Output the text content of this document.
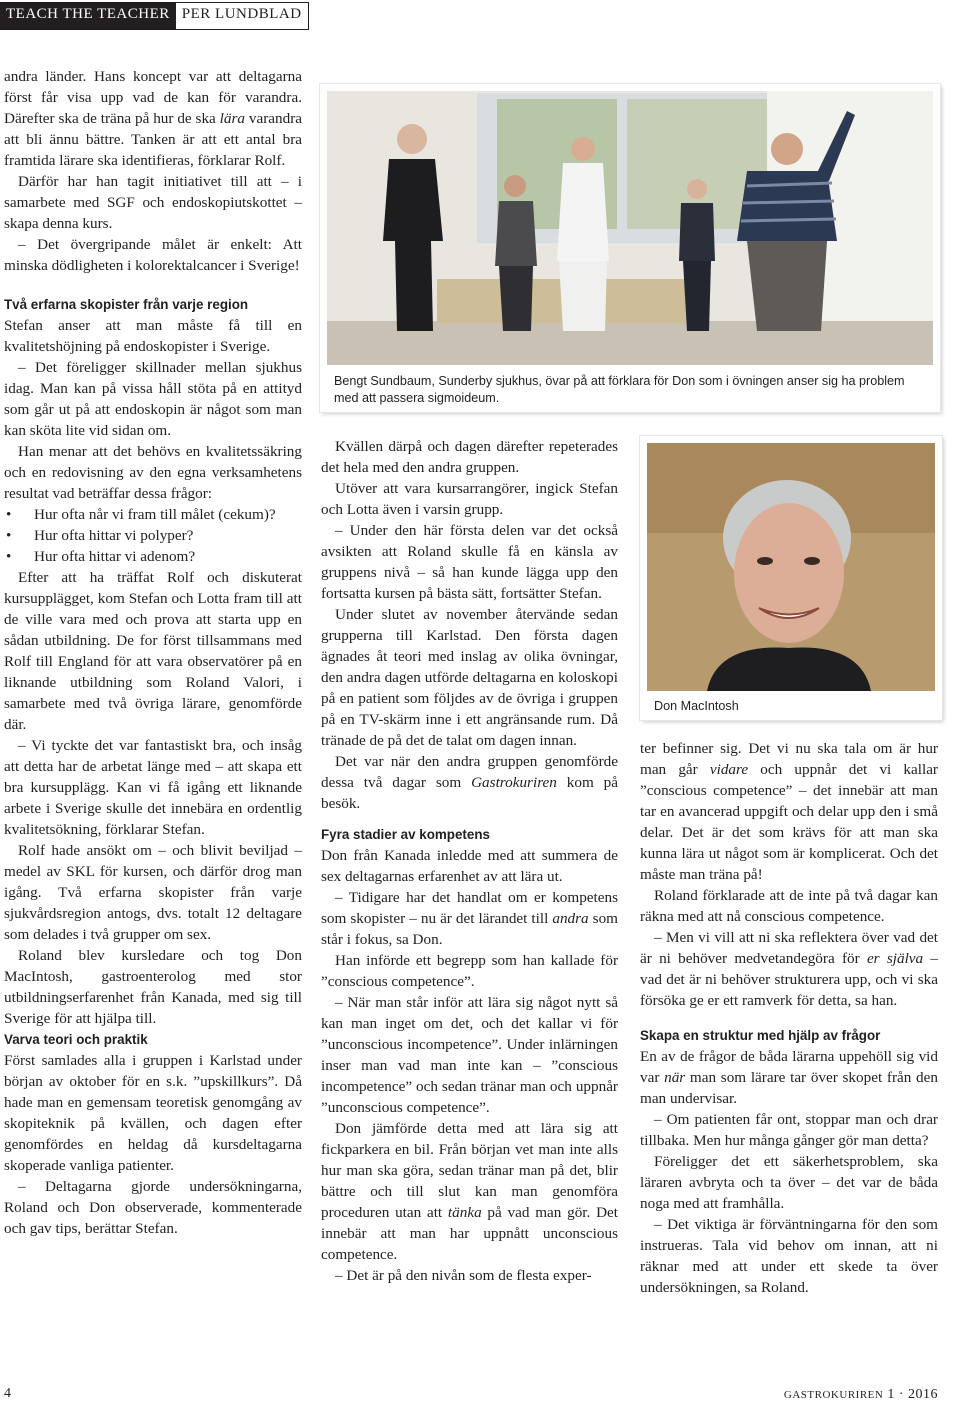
TEACH THE TEACHER PER LUNDBLAD

andra länder. Hans koncept var att deltagarna först får visa upp vad de kan för varandra. Därefter ska de träna på hur de ska lära varandra att bli ännu bättre. Tanken är att ett antal bra framtida lärare ska identifieras, förklarar Rolf.

Därför har han tagit initiativet till att – i samarbete med SGF och endoskopiutskottet – skapa denna kurs.

– Det övergripande målet är enkelt: Att minska dödligheten i kolorektalcancer i Sverige!

Två erfarna skopister från varje region

Stefan anser att man måste få till en kvalitetshöjning på endoskopister i Sverige.

– Det föreligger skillnader mellan sjukhus idag. Man kan på vissa håll stöta på en attityd som går ut på att endoskopin är något som man kan sköta lite vid sidan om.

Han menar att det behövs en kvalitetssäkring och en redovisning av den egna verksamhetens resultat vad beträffar dessa frågor:

• Hur ofta når vi fram till målet (cekum)?
• Hur ofta hittar vi polyper?
• Hur ofta hittar vi adenom?

Efter att ha träffat Rolf och diskuterat kursupplägget, kom Stefan och Lotta fram till att de ville vara med och prova att starta upp en sådan utbildning. De for först tillsammans med Rolf till England för att vara observatörer på en liknande utbildning som Roland Valori, i samarbete med två övriga lärare, genomförde där.

– Vi tyckte det var fantastiskt bra, och insåg att detta har de arbetat länge med – att skapa ett bra kursupplägg. Kan vi få igång ett liknande arbete i Sverige skulle det innebära en ordentlig kvalitetsökning, förklarar Stefan.

Rolf hade ansökt om – och blivit beviljad – medel av SKL för kursen, och därför drog man igång. Två erfarna skopister från varje sjukvårdsregion antogs, dvs. totalt 12 deltagare som delades i två grupper om sex.

Roland blev kursledare och tog Don MacIntosh, gastroenterolog med stor utbildningserfarenhet från Kanada, med sig till Sverige för att hjälpa till.

Varva teori och praktik

Först samlades alla i gruppen i Karlstad under början av oktober för en s.k. ”upskillkurs”. Då hade man en gemensam teoretisk genomgång av skopiteknik på kvällen, och dagen efter genomfördes en heldag då kursdeltagarna skoperade vanliga patienter.

– Deltagarna gjorde undersökningarna, Roland och Don observerade, kommenterade och gav tips, berättar Stefan.

Bengt Sundbaum, Sunderby sjukhus, övar på att förklara för Don som i övningen anser sig ha problem med att passera sigmoideum.

Kvällen därpå och dagen därefter repeterades det hela med den andra gruppen.

Utöver att vara kursarrangörer, ingick Stefan och Lotta även i varsin grupp.

– Under den här första delen var det också avsikten att Roland skulle få en känsla av gruppens nivå – så han kunde lägga upp den fortsatta kursen på bästa sätt, fortsätter Stefan.

Under slutet av november återvände sedan grupperna till Karlstad. Den första dagen ägnades åt teori med inslag av olika övningar, den andra dagen utförde deltagarna en koloskopi på en patient som följdes av de övriga i gruppen på en TV-skärm inne i ett angränsande rum. Då tränade de på det de talat om dagen innan.

Det var när den andra gruppen genomförde dessa två dagar som Gastrokuriren kom på besök.

Fyra stadier av kompetens

Don från Kanada inledde med att summera de sex deltagarnas erfarenhet av att lära ut.

– Tidigare har det handlat om er kompetens som skopister – nu är det lärandet till andra som står i fokus, sa Don.

Han införde ett begrepp som han kallade för ”conscious competence”.

– När man står inför att lära sig något nytt så kan man inget om det, och det kallar vi för ”unconscious incompetence”. Under inlärningen inser man vad man inte kan – ”conscious incompetence” och sedan tränar man och uppnår ”unconscious competence”.

Don jämförde detta med att lära sig att fickparkera en bil. Från början vet man inte alls hur man ska göra, sedan tränar man på det, blir bättre och till slut kan man genomföra proceduren utan att tänka på vad man gör. Det innebär att man har uppnått unconscious competence.

– Det är på den nivån som de flesta exper-

Don MacIntosh

ter befinner sig. Det vi nu ska tala om är hur man går vidare och uppnår det vi kallar ”conscious competence” – det innebär att man tar en avancerad uppgift och delar upp den i små delar. Det är det som krävs för att man ska kunna lära ut något som är komplicerat. Och det måste man träna på!

Roland förklarade att de inte på två dagar kan räkna med att nå conscious competence.

– Men vi vill att ni ska reflektera över vad det är ni behöver medvetandegöra för er själva – vad det är ni behöver strukturera upp, och vi ska försöka ge er ett ramverk för detta, sa han.

Skapa en struktur med hjälp av frågor

En av de frågor de båda lärarna uppehöll sig vid var när man som lärare tar över skopet från den man undervisar.

– Om patienten får ont, stoppar man och drar tillbaka. Men hur många gånger gör man detta?

Föreligger det ett säkerhetsproblem, ska läraren avbryta och ta över – det var de båda noga med att framhålla.

– Det viktiga är förväntningarna för den som instrueras. Tala vid behov om innan, att ni räknar med att under ett skede ta över undersökningen, sa Roland.

4	gastrokuriren 1 · 2016
